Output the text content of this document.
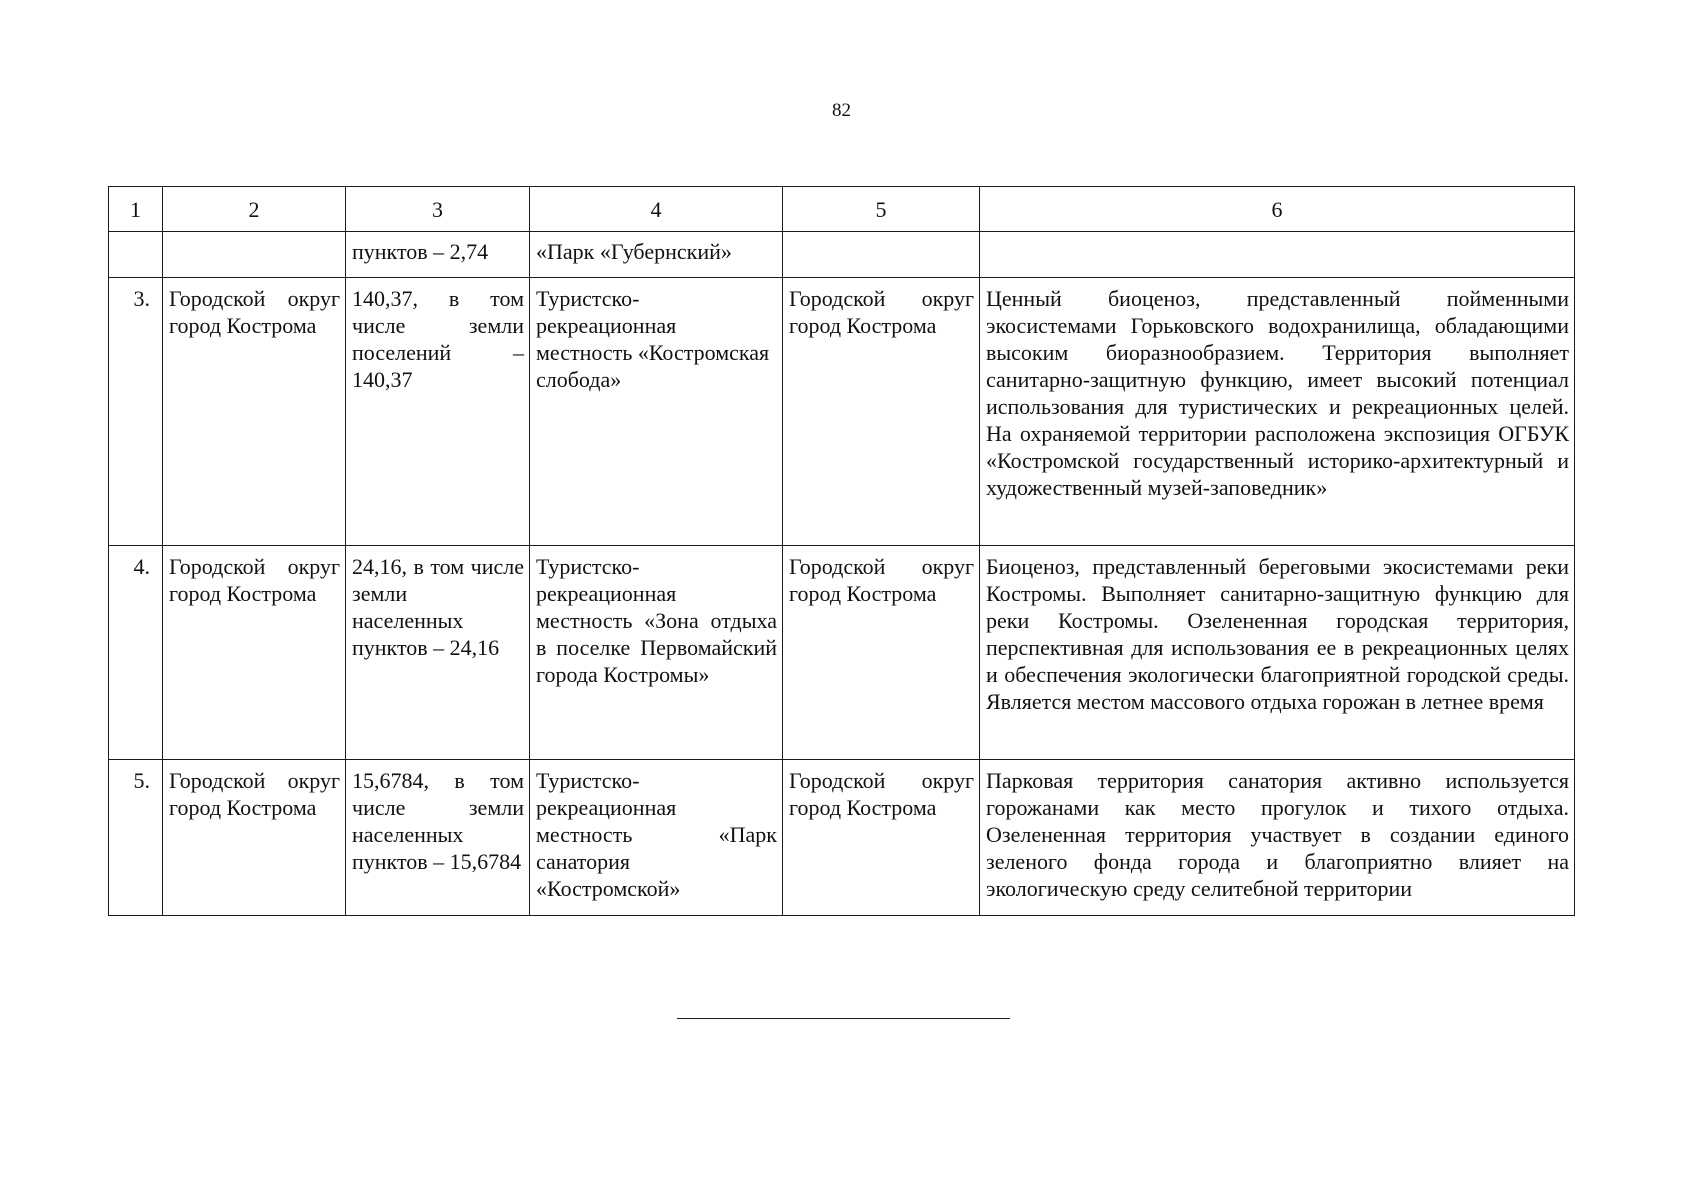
82
1	2	3	4	5	6
		пунктов – 2,74	«Парк «Губернский»		
3.	Городской округ город Кострома	140,37, в том числе земли поселений – 140,37	Туристско-рекреационная местность «Костромская слобода»	Городской округ город Кострома	Ценный биоценоз, представленный пойменными экосистемами Горьковского водохранилища, обладающими высоким биоразнообразием. Территория выполняет санитарно-защитную функцию, имеет высокий потенциал использования для туристических и рекреационных целей. На охраняемой территории расположена экспозиция ОГБУК «Костромской государственный историко-архитектурный и художественный музей-заповедник»
4.	Городской округ город Кострома	24,16, в том числе земли населенных пунктов – 24,16	Туристско-рекреационная местность «Зона отдыха в поселке Первомайский города Костромы»	Городской округ город Кострома	Биоценоз, представленный береговыми экосистемами реки Костромы. Выполняет санитарно-защитную функцию для реки Костромы. Озелененная городская территория, перспективная для использования ее в рекреационных целях и обеспечения экологически благоприятной городской среды. Является местом массового отдыха горожан в летнее время
5.	Городской округ город Кострома	15,6784, в том числе земли населенных пунктов – 15,6784	Туристско-рекреационная местность «Парк санатория «Костромской»	Городской округ город Кострома	Парковая территория санатория активно используется горожанами как место прогулок и тихого отдыха. Озелененная территория участвует в создании единого зеленого фонда города и благоприятно влияет на экологическую среду селитебной территории
